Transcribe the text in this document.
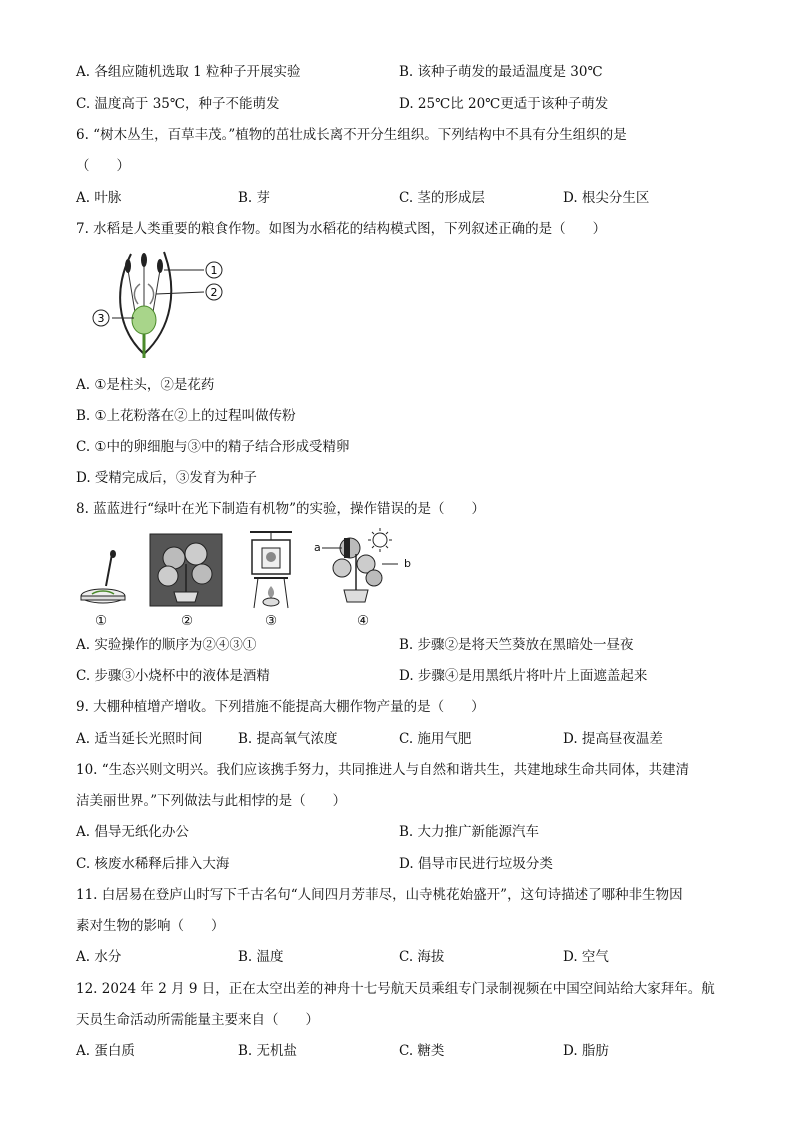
A. 各组应随机选取 1 粒种子开展实验	B. 该种子萌发的最适温度是 30℃
C. 温度高于 35℃，种子不能萌发	D. 25℃比 20℃更适于该种子萌发
6. “树木丛生，百草丰茂。”植物的茁壮成长离不开分生组织。下列结构中不具有分生组织的是
（　　）
A. 叶脉	B. 芽	C. 茎的形成层	D. 根尖分生区
7. 水稻是人类重要的粮食作物。如图为水稻花的结构模式图，下列叙述正确的是（　　）
1
2
3
A. ①是柱头，②是花药
B. ①上花粉落在②上的过程叫做传粉
C. ①中的卵细胞与③中的精子结合形成受精卵
D. 受精完成后，③发育为种子
8. 蓝蓝进行“绿叶在光下制造有机物”的实验，操作错误的是（　　）
a
b
①	②	③	④
A. 实验操作的顺序为②④③①	B. 步骤②是将天竺葵放在黑暗处一昼夜
C. 步骤③小烧杯中的液体是酒精	D. 步骤④是用黑纸片将叶片上面遮盖起来
9. 大棚种植增产增收。下列措施不能提高大棚作物产量的是（　　）
A. 适当延长光照时间	B. 提高氧气浓度	C. 施用气肥	D. 提高昼夜温差
10. “生态兴则文明兴。我们应该携手努力，共同推进人与自然和谐共生，共建地球生命共同体，共建清
洁美丽世界。”下列做法与此相悖的是（　　）
A. 倡导无纸化办公	B. 大力推广新能源汽车
C. 核废水稀释后排入大海	D. 倡导市民进行垃圾分类
11. 白居易在登庐山时写下千古名句“人间四月芳菲尽，山寺桃花始盛开”，这句诗描述了哪种非生物因
素对生物的影响（　　）
A. 水分	B. 温度	C. 海拔	D. 空气
12. 2024 年 2 月 9 日，正在太空出差的神舟十七号航天员乘组专门录制视频在中国空间站给大家拜年。航
天员生命活动所需能量主要来自（　　）
A. 蛋白质	B. 无机盐	C. 糖类	D. 脂肪
